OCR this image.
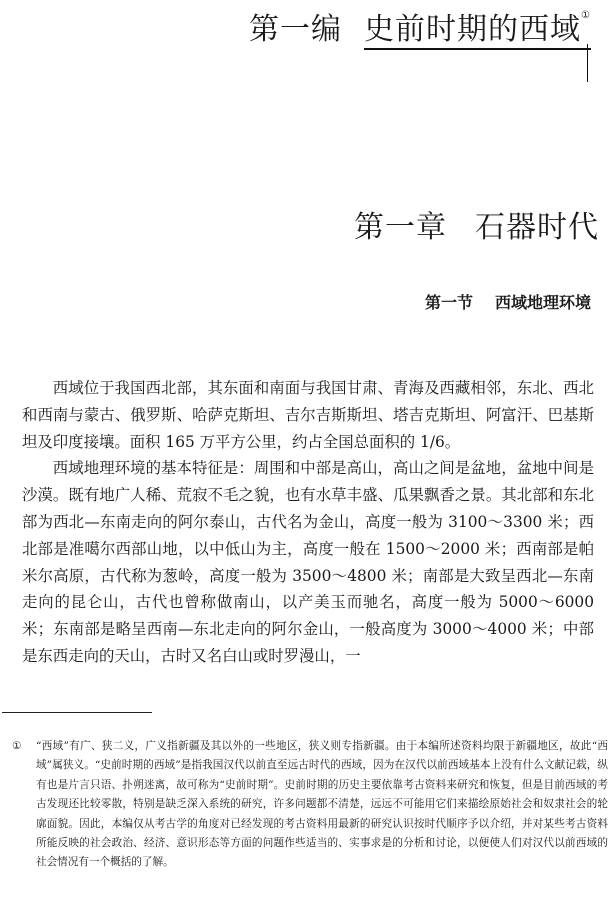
第一编 史前时期的西域①
第一章 石器时代
第一节 西域地理环境

西域位于我国西北部，其东面和南面与我国甘肃、青海及西藏相邻，东北、西北和西南与蒙古、俄罗斯、哈萨克斯坦、吉尔吉斯斯坦、塔吉克斯坦、阿富汗、巴基斯坦及印度接壤。面积 165 万平方公里，约占全国总面积的 1/6。

西域地理环境的基本特征是：周围和中部是高山，高山之间是盆地，盆地中间是沙漠。既有地广人稀、荒寂不毛之貌，也有水草丰盛、瓜果飘香之景。其北部和东北部为西北—东南走向的阿尔泰山，古代名为金山，高度一般为 3100～3300 米；西北部是准噶尔西部山地，以中低山为主，高度一般在 1500～2000 米；西南部是帕米尔高原，古代称为葱岭，高度一般为 3500～4800 米；南部是大致呈西北—东南走向的昆仑山，古代也曾称做南山，以产美玉而驰名，高度一般为 5000～6000 米；东南部是略呈西南—东北走向的阿尔金山，一般高度为 3000～4000 米；中部是东西走向的天山，古时又名白山或时罗漫山，一

① “西域”有广、狭二义，广义指新疆及其以外的一些地区，狭义则专指新疆。由于本编所述资料均限于新疆地区，故此“西域”属狭义。“史前时期的西域”是指我国汉代以前直至远古时代的西域，因为在汉代以前西域基本上没有什么文献记载，纵有也是片言只语、扑朔迷离，故可称为“史前时期”。史前时期的历史主要依靠考古资料来研究和恢复，但是目前西域的考古发现还比较零散，特别是缺乏深入系统的研究，许多问题都不清楚，远远不可能用它们来描绘原始社会和奴隶社会的轮廓面貌。因此，本编仅从考古学的角度对已经发现的考古资料用最新的研究认识按时代顺序予以介绍，并对某些考古资料所能反映的社会政治、经济、意识形态等方面的问题作些适当的、实事求是的分析和讨论，以便使人们对汉代以前西域的社会情况有一个概括的了解。
